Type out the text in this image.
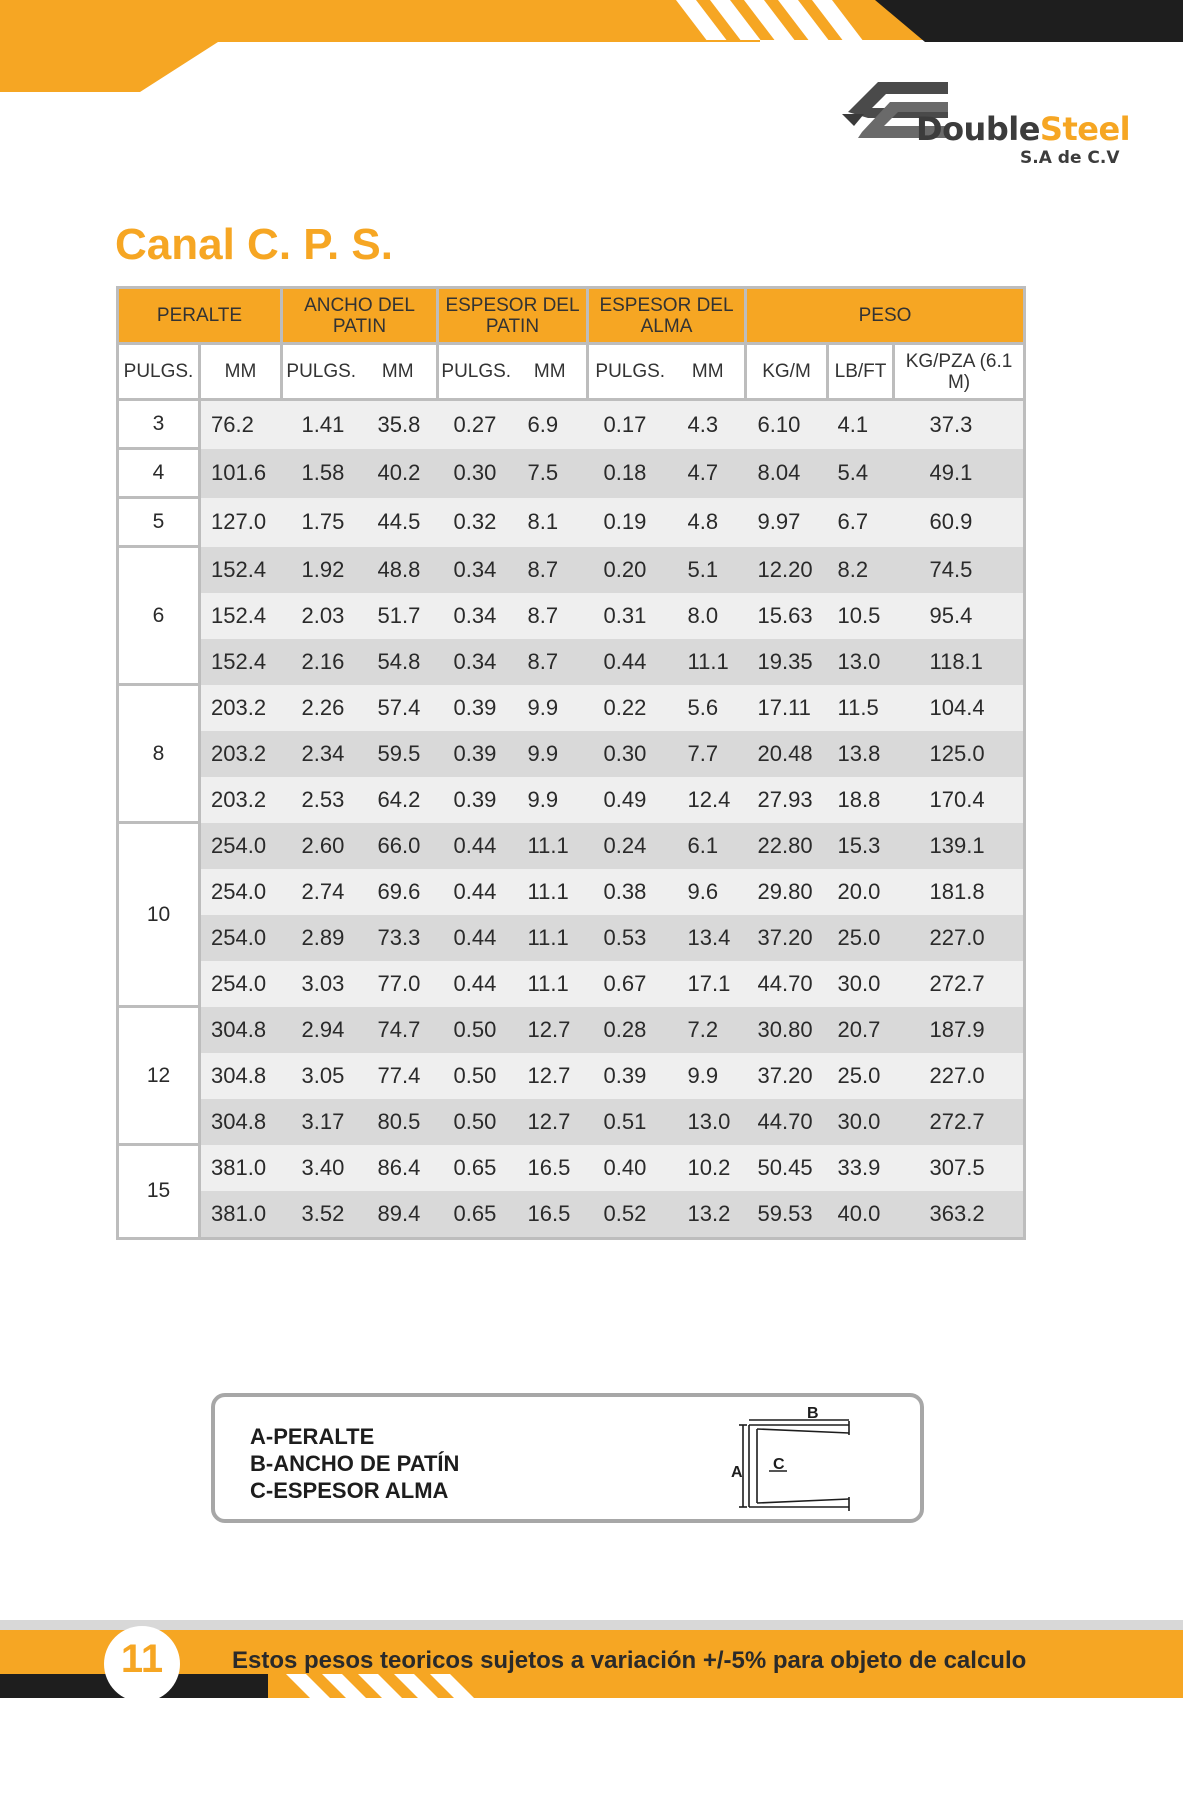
DoubleSteel
S.A de C.V
Canal C. P. S.
PERALTE		ANCHO DEL PATIN		ESPESOR DEL PATIN		ESPESOR DEL ALMA		PESO		
PULGS.	MM	PULGS.	MM	PULGS.	MM	PULGS.	MM	KG/M	LB/FT	KG/PZA (6.1 M)
3	76.2	1.41	35.8	0.27	6.9	0.17	4.3	6.10	4.1	37.3
4	101.6	1.58	40.2	0.30	7.5	0.18	4.7	8.04	5.4	49.1
5	127.0	1.75	44.5	0.32	8.1	0.19	4.8	9.97	6.7	60.9
6	152.4	1.92	48.8	0.34	8.7	0.20	5.1	12.20	8.2	74.5
	152.4	2.03	51.7	0.34	8.7	0.31	8.0	15.63	10.5	95.4
	152.4	2.16	54.8	0.34	8.7	0.44	11.1	19.35	13.0	118.1
8	203.2	2.26	57.4	0.39	9.9	0.22	5.6	17.11	11.5	104.4
	203.2	2.34	59.5	0.39	9.9	0.30	7.7	20.48	13.8	125.0
	203.2	2.53	64.2	0.39	9.9	0.49	12.4	27.93	18.8	170.4
10	254.0	2.60	66.0	0.44	11.1	0.24	6.1	22.80	15.3	139.1
	254.0	2.74	69.6	0.44	11.1	0.38	9.6	29.80	20.0	181.8
	254.0	2.89	73.3	0.44	11.1	0.53	13.4	37.20	25.0	227.0
	254.0	3.03	77.0	0.44	11.1	0.67	17.1	44.70	30.0	272.7
12	304.8	2.94	74.7	0.50	12.7	0.28	7.2	30.80	20.7	187.9
	304.8	3.05	77.4	0.50	12.7	0.39	9.9	37.20	25.0	227.0
	304.8	3.17	80.5	0.50	12.7	0.51	13.0	44.70	30.0	272.7
15	381.0	3.40	86.4	0.65	16.5	0.40	10.2	50.45	33.9	307.5
	381.0	3.52	89.4	0.65	16.5	0.52	13.2	59.53	40.0	363.2
A-PERALTE
B-ANCHO DE PATÍN
C-ESPESOR ALMA
A
B
C
11	Estos pesos teoricos sujetos a variación +/-5% para objeto de calculo
